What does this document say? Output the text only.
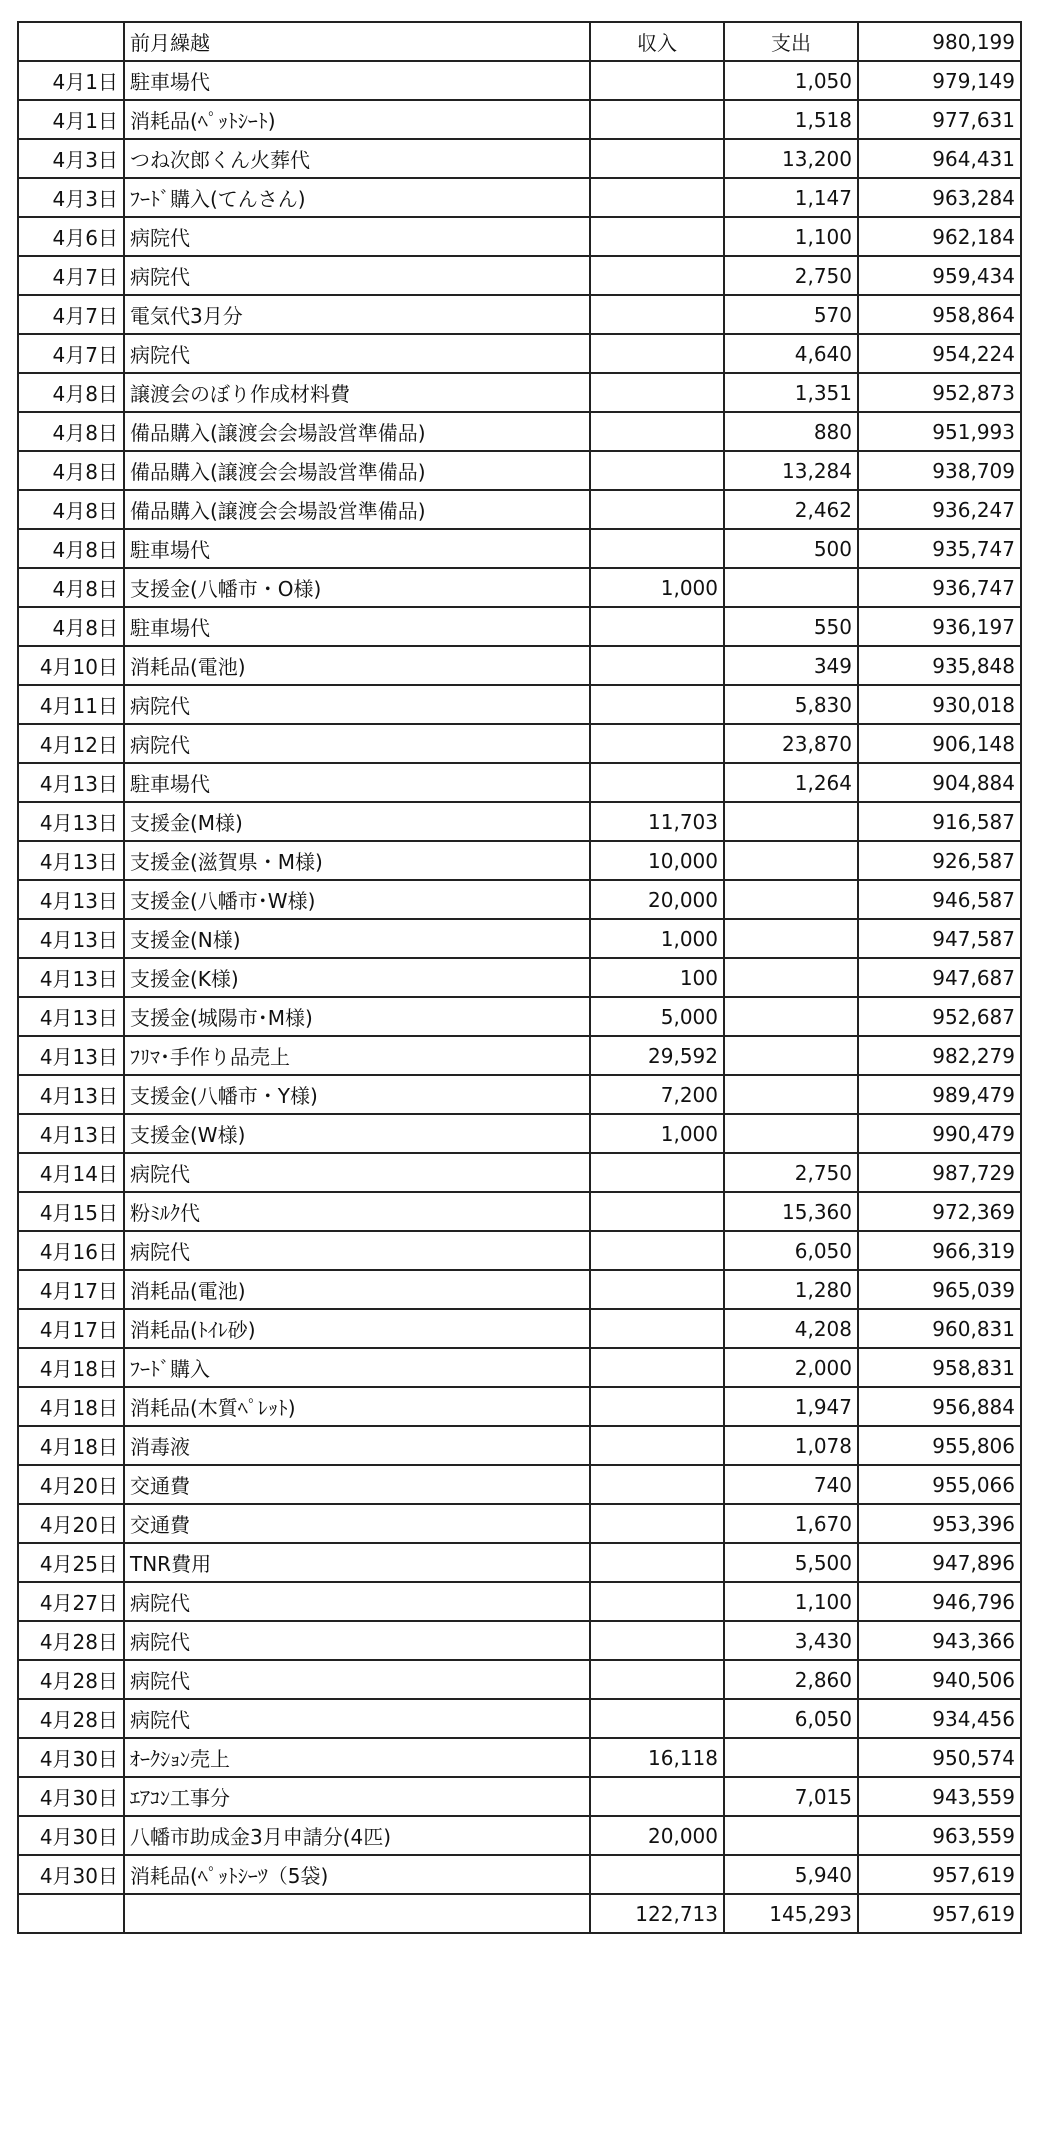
	前月繰越	収入	支出	980,199
4月1日	駐車場代		1,050	979,149
4月1日	消耗品(ﾍﾟｯﾄｼｰﾄ)		1,518	977,631
4月3日	つね次郎くん火葬代		13,200	964,431
4月3日	ﾌｰﾄﾞ購入(てんさん)		1,147	963,284
4月6日	病院代		1,100	962,184
4月7日	病院代		2,750	959,434
4月7日	電気代3月分		570	958,864
4月7日	病院代		4,640	954,224
4月8日	譲渡会のぼり作成材料費		1,351	952,873
4月8日	備品購入(譲渡会会場設営準備品)		880	951,993
4月8日	備品購入(譲渡会会場設営準備品)		13,284	938,709
4月8日	備品購入(譲渡会会場設営準備品)		2,462	936,247
4月8日	駐車場代		500	935,747
4月8日	支援金(八幡市・O様)	1,000		936,747
4月8日	駐車場代		550	936,197
4月10日	消耗品(電池)		349	935,848
4月11日	病院代		5,830	930,018
4月12日	病院代		23,870	906,148
4月13日	駐車場代		1,264	904,884
4月13日	支援金(M様)	11,703		916,587
4月13日	支援金(滋賀県・M様)	10,000		926,587
4月13日	支援金(八幡市･W様)	20,000		946,587
4月13日	支援金(N様)	1,000		947,587
4月13日	支援金(K様)	100		947,687
4月13日	支援金(城陽市･M様)	5,000		952,687
4月13日	ﾌﾘﾏ･手作り品売上	29,592		982,279
4月13日	支援金(八幡市・Y様)	7,200		989,479
4月13日	支援金(W様)	1,000		990,479
4月14日	病院代		2,750	987,729
4月15日	粉ﾐﾙｸ代		15,360	972,369
4月16日	病院代		6,050	966,319
4月17日	消耗品(電池)		1,280	965,039
4月17日	消耗品(ﾄｲﾚ砂)		4,208	960,831
4月18日	ﾌｰﾄﾞ購入		2,000	958,831
4月18日	消耗品(木質ﾍﾟﾚｯﾄ)		1,947	956,884
4月18日	消毒液		1,078	955,806
4月20日	交通費		740	955,066
4月20日	交通費		1,670	953,396
4月25日	TNR費用		5,500	947,896
4月27日	病院代		1,100	946,796
4月28日	病院代		3,430	943,366
4月28日	病院代		2,860	940,506
4月28日	病院代		6,050	934,456
4月30日	ｵｰｸｼｮﾝ売上	16,118		950,574
4月30日	ｴｱｺﾝ工事分		7,015	943,559
4月30日	八幡市助成金3月申請分(4匹)	20,000		963,559
4月30日	消耗品(ﾍﾟｯﾄｼｰﾂ（5袋)		5,940	957,619
		122,713	145,293	957,619
